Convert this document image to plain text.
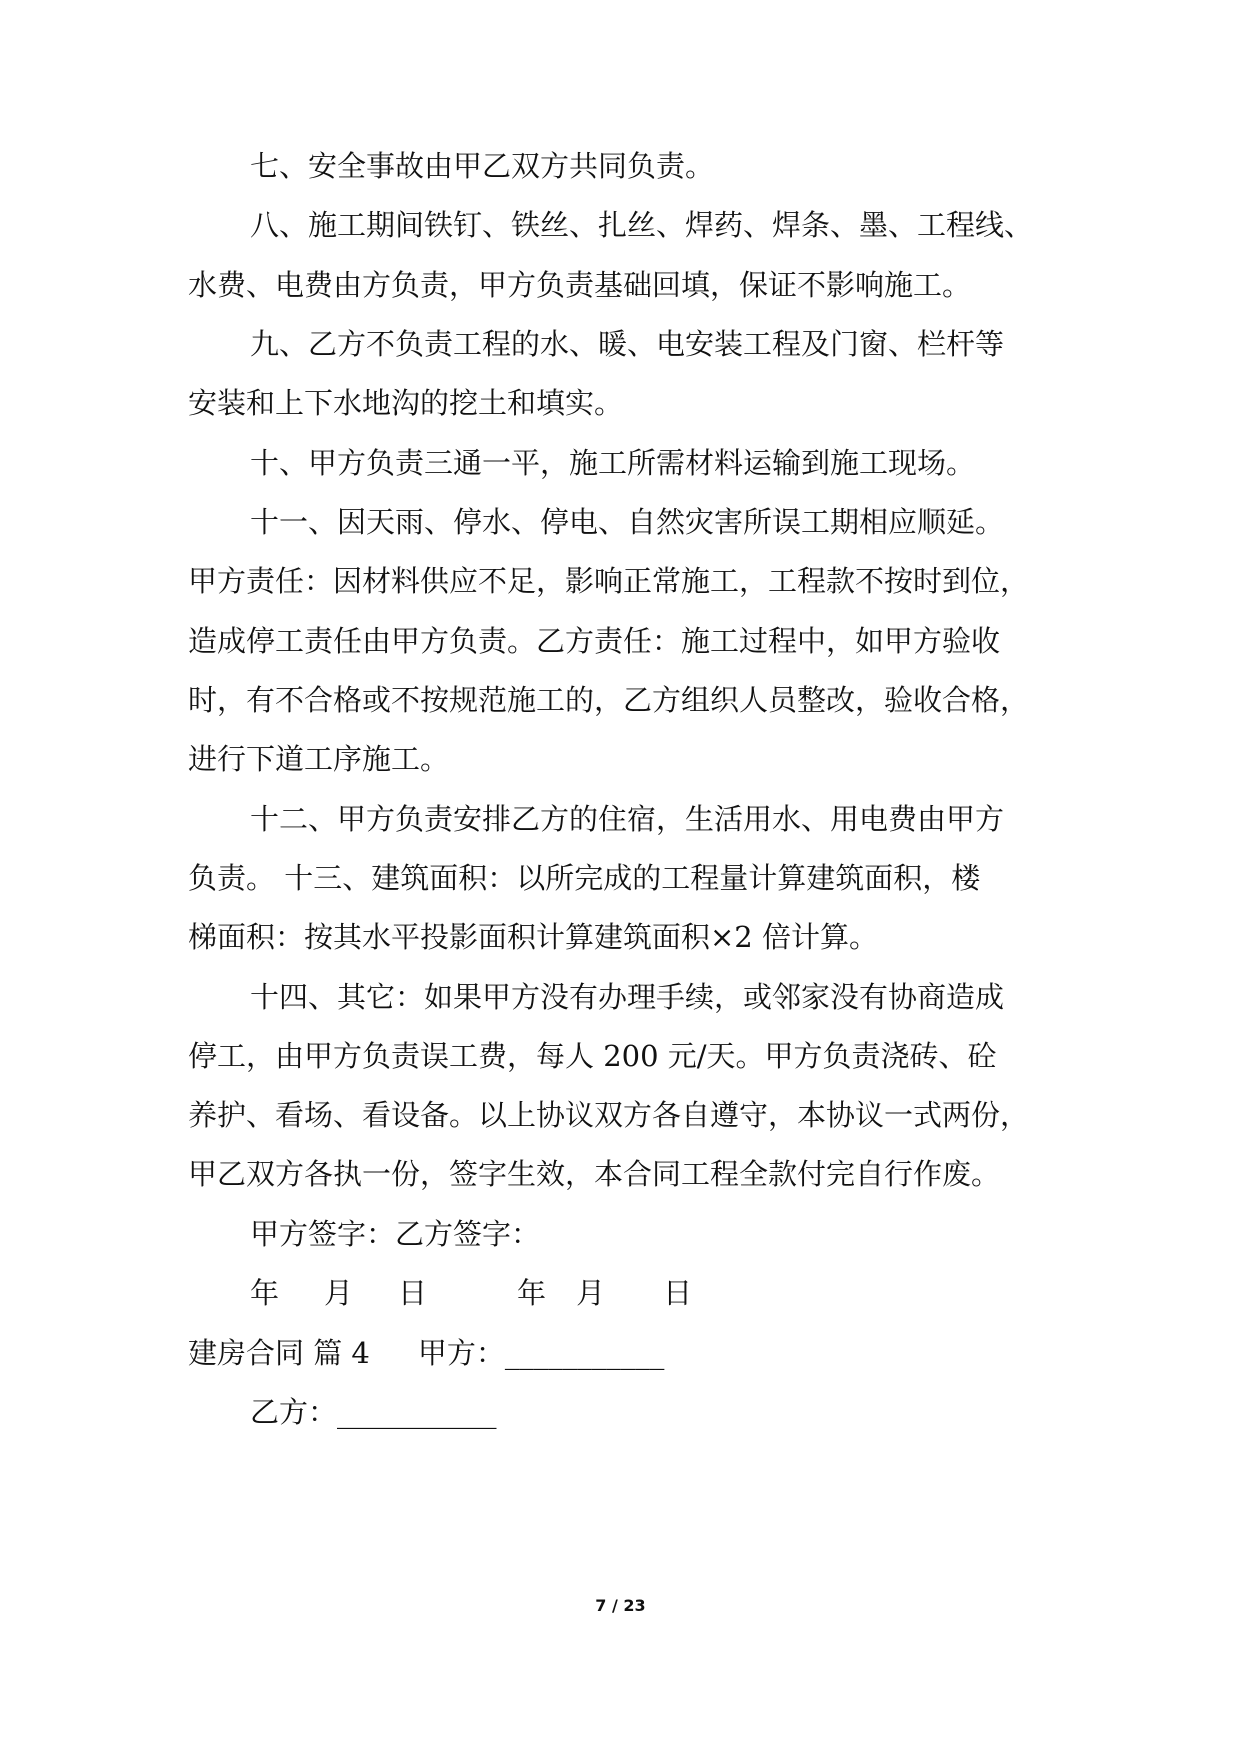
七、安全事故由甲乙双方共同负责。
八、施工期间铁钉、铁丝、扎丝、焊药、焊条、墨、工程线、
水费、电费由方负责，甲方负责基础回填，保证不影响施工。
九、乙方不负责工程的水、暖、电安装工程及门窗、栏杆等
安装和上下水地沟的挖土和填实。
十、甲方负责三通一平，施工所需材料运输到施工现场。
十一、因天雨、停水、停电、自然灾害所误工期相应顺延。
甲方责任：因材料供应不足，影响正常施工，工程款不按时到位，
造成停工责任由甲方负责。乙方责任：施工过程中，如甲方验收
时，有不合格或不按规范施工的，乙方组织人员整改，验收合格，
进行下道工序施工。
十二、甲方负责安排乙方的住宿，生活用水、用电费由甲方
负责。 十三、建筑面积：以所完成的工程量计算建筑面积，楼
梯面积：按其水平投影面积计算建筑面积×2 倍计算。
十四、其它：如果甲方没有办理手续，或邻家没有协商造成
停工，由甲方负责误工费，每人 200 元/天。甲方负责浇砖、砼
养护、看场、看设备。以上协议双方各自遵守，本协议一式两份，
甲乙双方各执一份，签字生效，本合同工程全款付完自行作废。
甲方签字：乙方签字：
年 月 日	年 月 日
建房合同 篇 4 甲方：___________
乙方：___________
7 / 23
